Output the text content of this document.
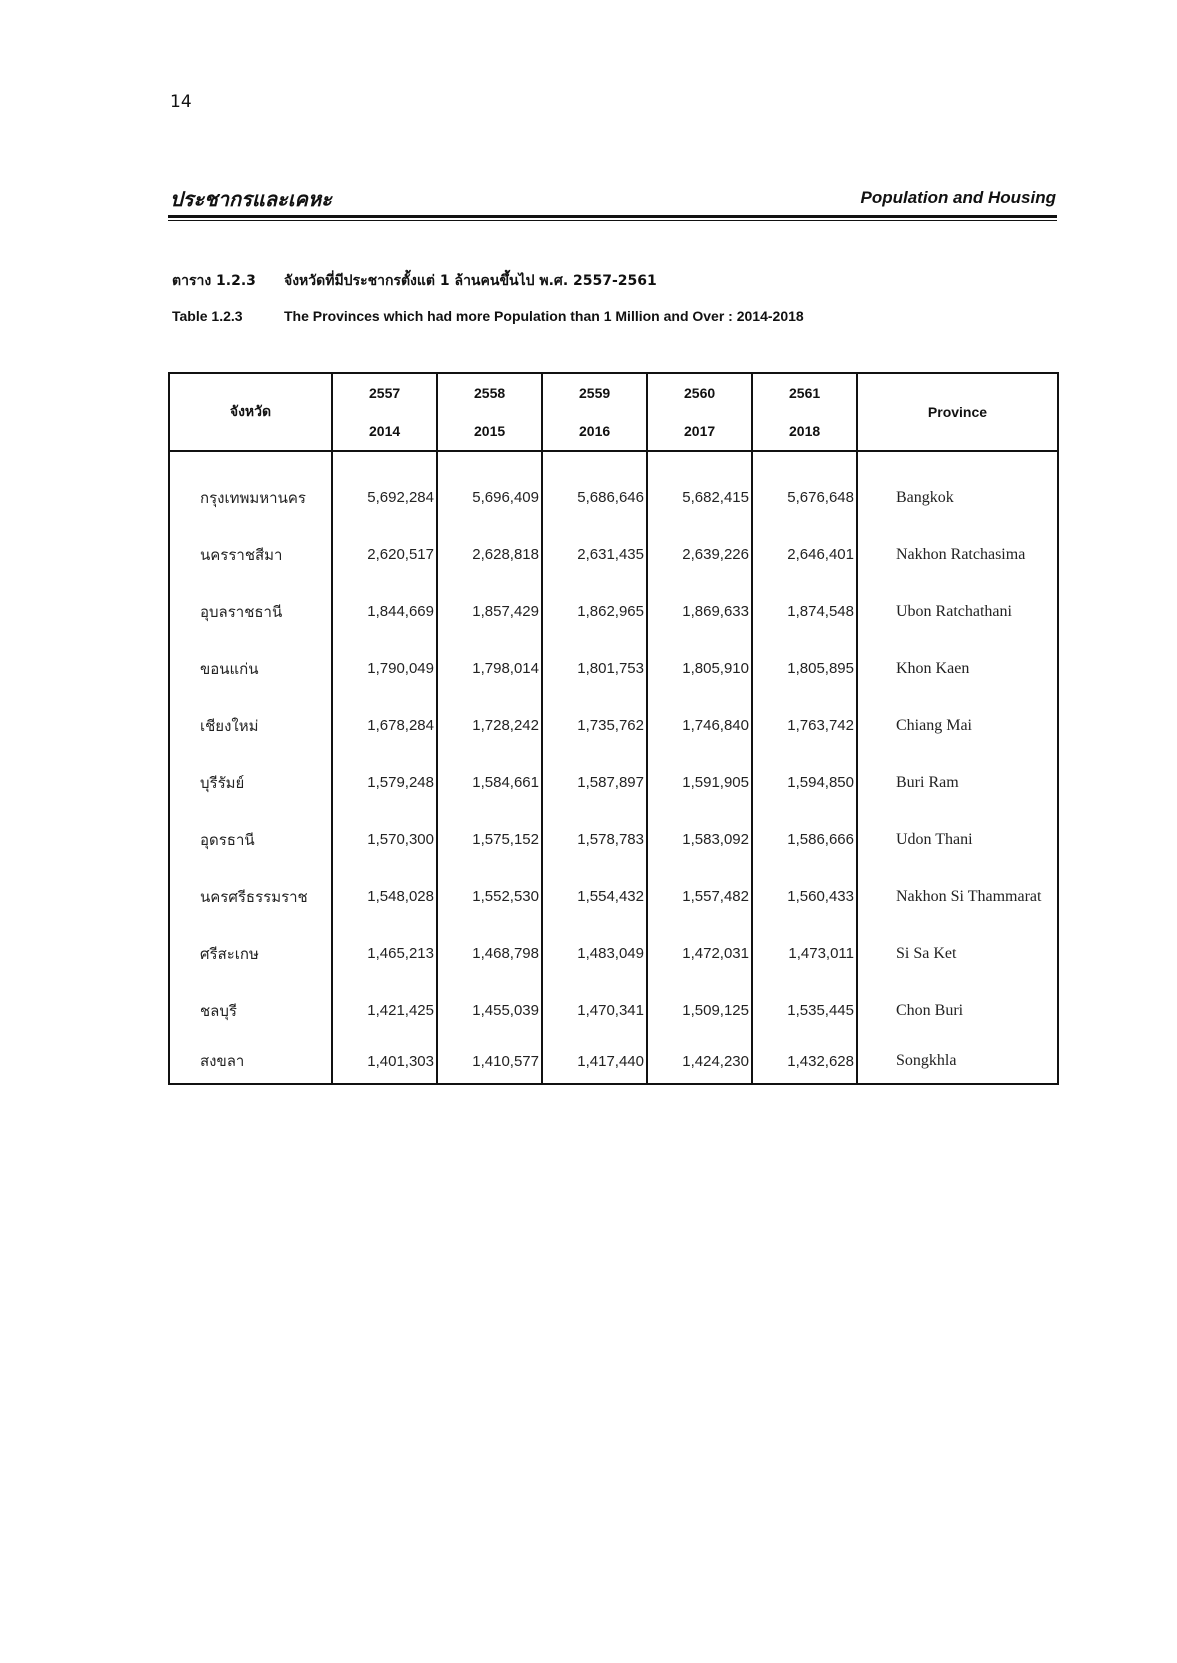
14
ประชากรและเคหะ	Population and Housing
ตาราง 1.2.3 จังหวัดที่มีประชากรตั้งแต่ 1 ล้านคนขึ้นไป พ.ศ. 2557-2561
Table 1.2.3	The Provinces which had more Population than 1 Million and Over : 2014-2018
จังหวัด	2557	2558	2559	2560	2561	Province
	2014	2015	2016	2017	2018	
กรุงเทพมหานคร	5,692,284	5,696,409	5,686,646	5,682,415	5,676,648	Bangkok
นครราชสีมา	2,620,517	2,628,818	2,631,435	2,639,226	2,646,401	Nakhon Ratchasima
อุบลราชธานี	1,844,669	1,857,429	1,862,965	1,869,633	1,874,548	Ubon Ratchathani
ขอนแก่น	1,790,049	1,798,014	1,801,753	1,805,910	1,805,895	Khon Kaen
เชียงใหม่	1,678,284	1,728,242	1,735,762	1,746,840	1,763,742	Chiang Mai
บุรีรัมย์	1,579,248	1,584,661	1,587,897	1,591,905	1,594,850	Buri Ram
อุดรธานี	1,570,300	1,575,152	1,578,783	1,583,092	1,586,666	Udon Thani
นครศรีธรรมราช	1,548,028	1,552,530	1,554,432	1,557,482	1,560,433	Nakhon Si Thammarat
ศรีสะเกษ	1,465,213	1,468,798	1,483,049	1,472,031	1,473,011	Si Sa Ket
ชลบุรี	1,421,425	1,455,039	1,470,341	1,509,125	1,535,445	Chon Buri
สงขลา	1,401,303	1,410,577	1,417,440	1,424,230	1,432,628	Songkhla
